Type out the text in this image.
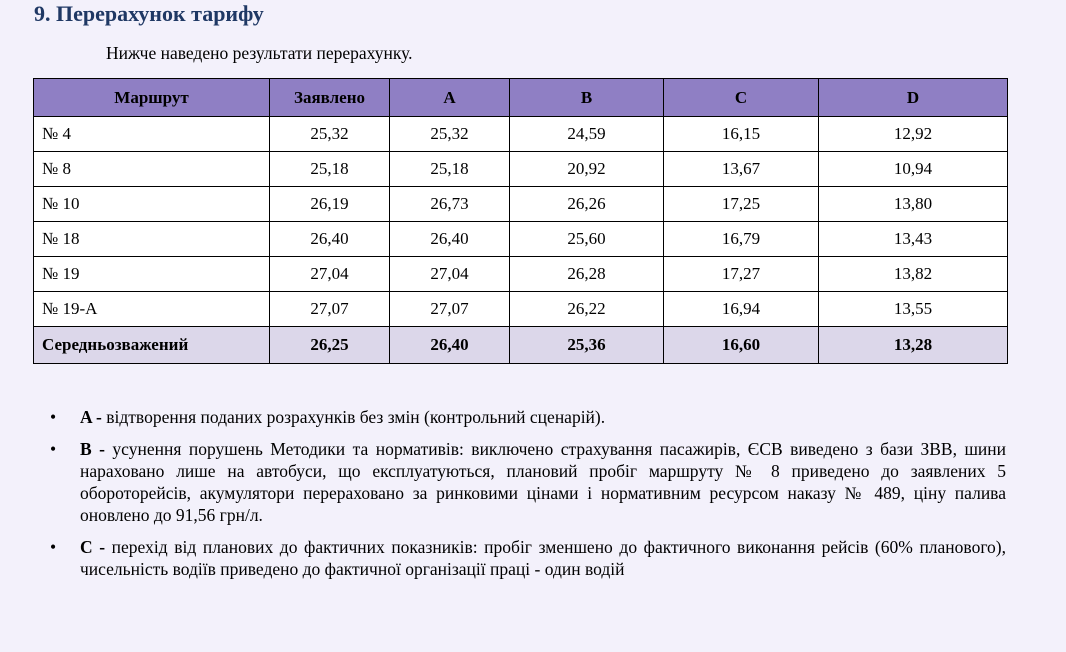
9. Перерахунок тарифу

Нижче наведено результати перерахунку.

Маршрут	Заявлено	A	B	C	D
№ 4	25,32	25,32	24,59	16,15	12,92
№ 8	25,18	25,18	20,92	13,67	10,94
№ 10	26,19	26,73	26,26	17,25	13,80
№ 18	26,40	26,40	25,60	16,79	13,43
№ 19	27,04	27,04	26,28	17,27	13,82
№ 19-А	27,07	27,07	26,22	16,94	13,55
Середньозважений	26,25	26,40	25,36	16,60	13,28
• A - відтворення поданих розрахунків без змін (контрольний сценарій).
• B - усунення порушень Методики та нормативів: виключено страхування пасажирів, ЄСВ виведено з бази ЗВВ, шини нараховано лише на автобуси, що експлуатуються, плановий пробіг маршруту № 8 приведено до заявлених 5 обороторейсів, акумулятори перераховано за ринковими цінами і нормативним ресурсом наказу № 489, ціну палива оновлено до 91,56 грн/л.
• C - перехід від планових до фактичних показників: пробіг зменшено до фактичного виконання рейсів (60% планового), чисельність водіїв приведено до фактичної організації праці - один водій
